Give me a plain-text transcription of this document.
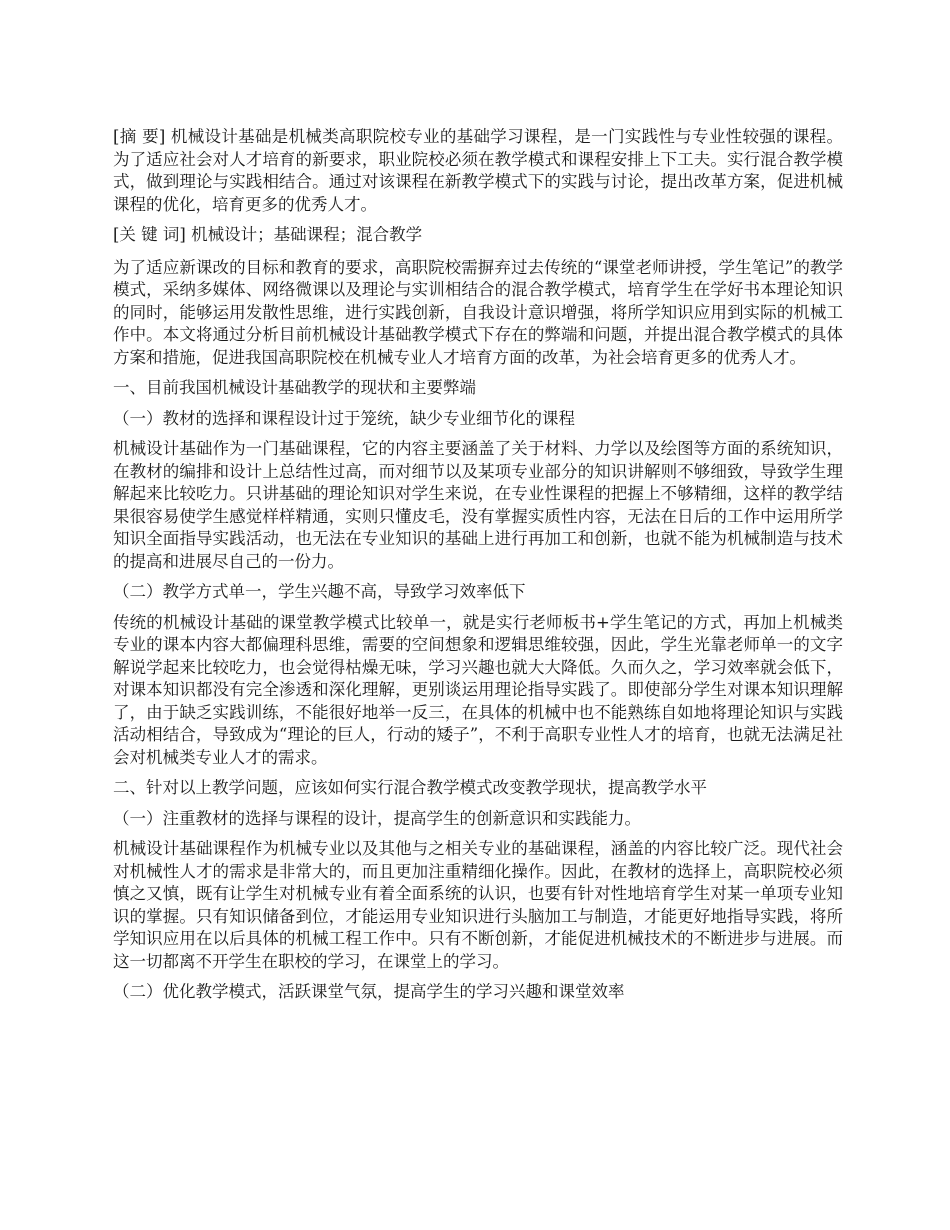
[摘 要] 机械设计基础是机械类高职院校专业的基础学习课程，是一门实践性与专业性较强的课程。为了适应社会对人才培育的新要求，职业院校必须在教学模式和课程安排上下工夫。实行混合教学模式，做到理论与实践相结合。通过对该课程在新教学模式下的实践与讨论，提出改革方案，促进机械课程的优化，培育更多的优秀人才。

[关 键 词] 机械设计；基础课程；混合教学

为了适应新课改的目标和教育的要求，高职院校需摒弃过去传统的“课堂老师讲授，学生笔记”的教学模式，采纳多媒体、网络微课以及理论与实训相结合的混合教学模式，培育学生在学好书本理论知识的同时，能够运用发散性思维，进行实践创新，自我设计意识增强，将所学知识应用到实际的机械工作中。本文将通过分析目前机械设计基础教学模式下存在的弊端和问题，并提出混合教学模式的具体方案和措施，促进我国高职院校在机械专业人才培育方面的改革，为社会培育更多的优秀人才。

一、目前我国机械设计基础教学的现状和主要弊端

（一）教材的选择和课程设计过于笼统，缺少专业细节化的课程

机械设计基础作为一门基础课程，它的内容主要涵盖了关于材料、力学以及绘图等方面的系统知识，在教材的编排和设计上总结性过高，而对细节以及某项专业部分的知识讲解则不够细致，导致学生理解起来比较吃力。只讲基础的理论知识对学生来说，在专业性课程的把握上不够精细，这样的教学结果很容易使学生感觉样样精通，实则只懂皮毛，没有掌握实质性内容，无法在日后的工作中运用所学知识全面指导实践活动，也无法在专业知识的基础上进行再加工和创新，也就不能为机械制造与技术的提高和进展尽自己的一份力。

（二）教学方式单一，学生兴趣不高，导致学习效率低下

传统的机械设计基础的课堂教学模式比较单一，就是实行老师板书+学生笔记的方式，再加上机械类专业的课本内容大都偏理科思维，需要的空间想象和逻辑思维较强，因此，学生光靠老师单一的文字解说学起来比较吃力，也会觉得枯燥无味，学习兴趣也就大大降低。久而久之，学习效率就会低下，对课本知识都没有完全渗透和深化理解，更别谈运用理论指导实践了。即使部分学生对课本知识理解了，由于缺乏实践训练，不能很好地举一反三，在具体的机械中也不能熟练自如地将理论知识与实践活动相结合，导致成为“理论的巨人，行动的矮子”，不利于高职专业性人才的培育，也就无法满足社会对机械类专业人才的需求。

二、针对以上教学问题，应该如何实行混合教学模式改变教学现状，提高教学水平

（一）注重教材的选择与课程的设计，提高学生的创新意识和实践能力。

机械设计基础课程作为机械专业以及其他与之相关专业的基础课程，涵盖的内容比较广泛。现代社会对机械性人才的需求是非常大的，而且更加注重精细化操作。因此，在教材的选择上，高职院校必须慎之又慎，既有让学生对机械专业有着全面系统的认识，也要有针对性地培育学生对某一单项专业知识的掌握。只有知识储备到位，才能运用专业知识进行头脑加工与制造，才能更好地指导实践，将所学知识应用在以后具体的机械工程工作中。只有不断创新，才能促进机械技术的不断进步与进展。而这一切都离不开学生在职校的学习，在课堂上的学习。

（二）优化教学模式，活跃课堂气氛，提高学生的学习兴趣和课堂效率
